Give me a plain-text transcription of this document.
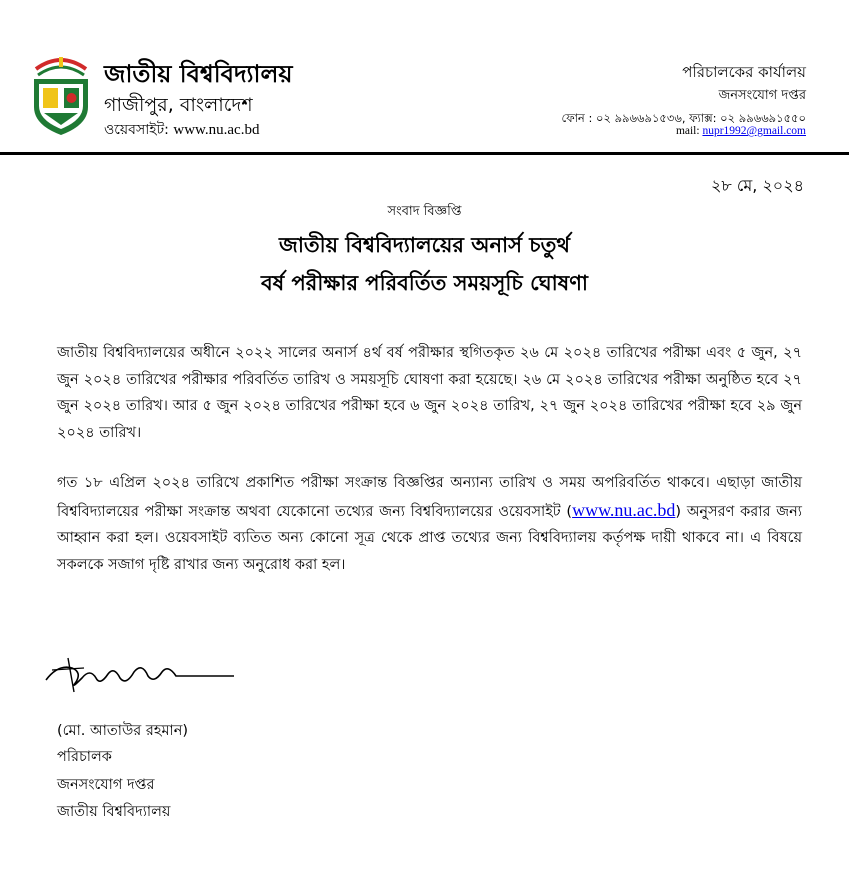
জাতীয় বিশ্ববিদ্যালয়
গাজীপুর, বাংলাদেশ
ওয়েবসাইট: www.nu.ac.bd
পরিচালকের কার্যালয়
জনসংযোগ দপ্তর
ফোন : ০২ ৯৯৬৬৯১৫৩৬, ফ্যাক্স: ০২ ৯৯৬৬৯১৫৫০
mail: nupr1992@gmail.com
২৮ মে, ২০২৪
সংবাদ বিজ্ঞপ্তি
জাতীয় বিশ্ববিদ্যালয়ের অনার্স চতুর্থ
বর্ষ পরীক্ষার পরিবর্তিত সময়সূচি ঘোষণা
জাতীয় বিশ্ববিদ্যালয়ের অধীনে ২০২২ সালের অনার্স ৪র্থ বর্ষ পরীক্ষার স্থগিতকৃত ২৬ মে ২০২৪ তারিখের পরীক্ষা এবং ৫ জুন, ২৭ জুন ২০২৪ তারিখের পরীক্ষার পরিবর্তিত তারিখ ও সময়সূচি ঘোষণা করা হয়েছে। ২৬ মে ২০২৪ তারিখের পরীক্ষা অনুষ্ঠিত হবে ২৭ জুন ২০২৪ তারিখ। আর ৫ জুন ২০২৪ তারিখের পরীক্ষা হবে ৬ জুন ২০২৪ তারিখ, ২৭ জুন ২০২৪ তারিখের পরীক্ষা হবে ২৯ জুন ২০২৪ তারিখ।
গত ১৮ এপ্রিল ২০২৪ তারিখে প্রকাশিত পরীক্ষা সংক্রান্ত বিজ্ঞপ্তির অন্যান্য তারিখ ও সময় অপরিবর্তিত থাকবে। এছাড়া জাতীয় বিশ্ববিদ্যালয়ের পরীক্ষা সংক্রান্ত অথবা যেকোনো তথ্যের জন্য বিশ্ববিদ্যালয়ের ওয়েবসাইট (www.nu.ac.bd) অনুসরণ করার জন্য আহ্বান করা হল। ওয়েবসাইট ব্যতিত অন্য কোনো সূত্র থেকে প্রাপ্ত তথ্যের জন্য বিশ্ববিদ্যালয় কর্তৃপক্ষ দায়ী থাকবে না। এ বিষয়ে সকলকে সজাগ দৃষ্টি রাখার জন্য অনুরোধ করা হল।
(মো. আতাউর রহমান)
পরিচালক
জনসংযোগ দপ্তর
জাতীয় বিশ্ববিদ্যালয়
